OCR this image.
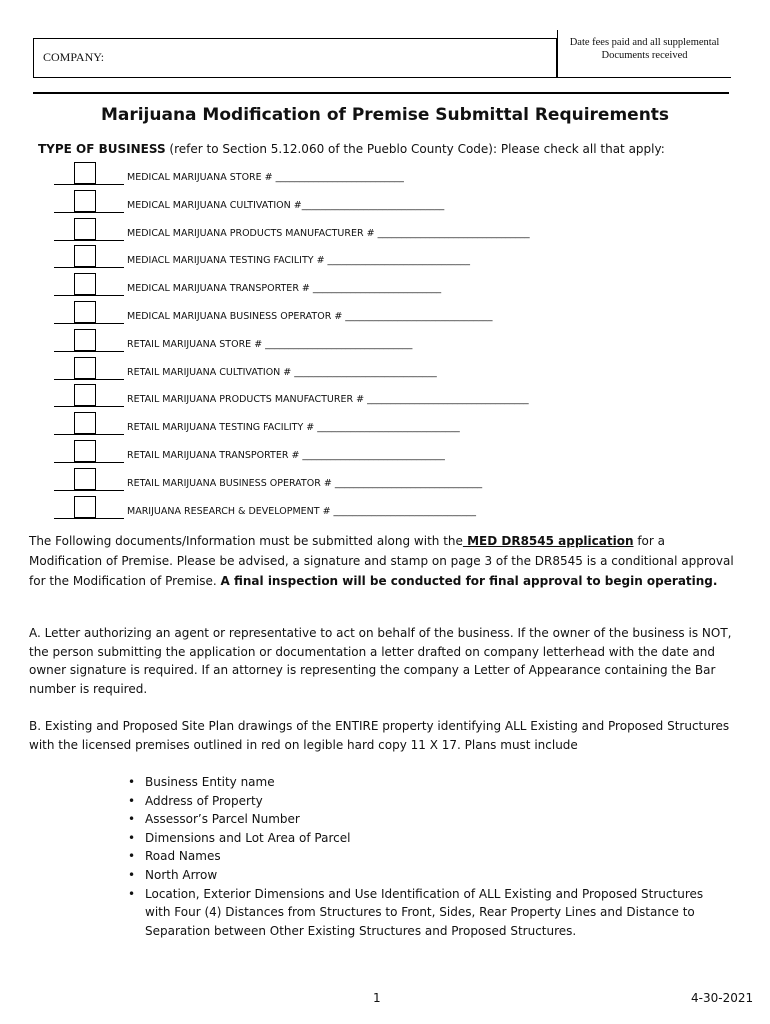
COMPANY:
Date fees paid and all supplemental
Documents received
Marijuana Modification of Premise Submittal Requirements
TYPE OF BUSINESS (refer to Section 5.12.060 of the Pueblo County Code): Please check all that apply:
MEDICAL MARIJUANA STORE # ___________________________
MEDICAL MARIJUANA CULTIVATION #______________________________
MEDICAL MARIJUANA PRODUCTS MANUFACTURER # ________________________________
MEDIACL MARIJUANA TESTING FACILITY # ______________________________
MEDICAL MARIJUANA TRANSPORTER # ___________________________
MEDICAL MARIJUANA BUSINESS OPERATOR # _______________________________
RETAIL MARIJUANA STORE # _______________________________
RETAIL MARIJUANA CULTIVATION # ______________________________
RETAIL MARIJUANA PRODUCTS MANUFACTURER # __________________________________
RETAIL MARIJUANA TESTING FACILITY # ______________________________
RETAIL MARIJUANA TRANSPORTER # ______________________________
RETAIL MARIJUANA BUSINESS OPERATOR # _______________________________
MARIJUANA RESEARCH & DEVELOPMENT # ______________________________
The Following documents/Information must be submitted along with the MED DR8545 application for a Modification of Premise. Please be advised, a signature and stamp on page 3 of the DR8545 is a conditional approval for the Modification of Premise. A final inspection will be conducted for final approval to begin operating.
A. Letter authorizing an agent or representative to act on behalf of the business. If the owner of the business is NOT, the person submitting the application or documentation a letter drafted on company letterhead with the date and owner signature is required. If an attorney is representing the company a Letter of Appearance containing the Bar number is required.
B. Existing and Proposed Site Plan drawings of the ENTIRE property identifying ALL Existing and Proposed Structures with the licensed premises outlined in red on legible hard copy 11 X 17. Plans must include
• Business Entity name
• Address of Property
• Assessor’s Parcel Number
• Dimensions and Lot Area of Parcel
• Road Names
• North Arrow
• Location, Exterior Dimensions and Use Identification of ALL Existing and Proposed Structures with Four (4) Distances from Structures to Front, Sides, Rear Property Lines and Distance to Separation between Other Existing Structures and Proposed Structures.
1	4-30-2021
